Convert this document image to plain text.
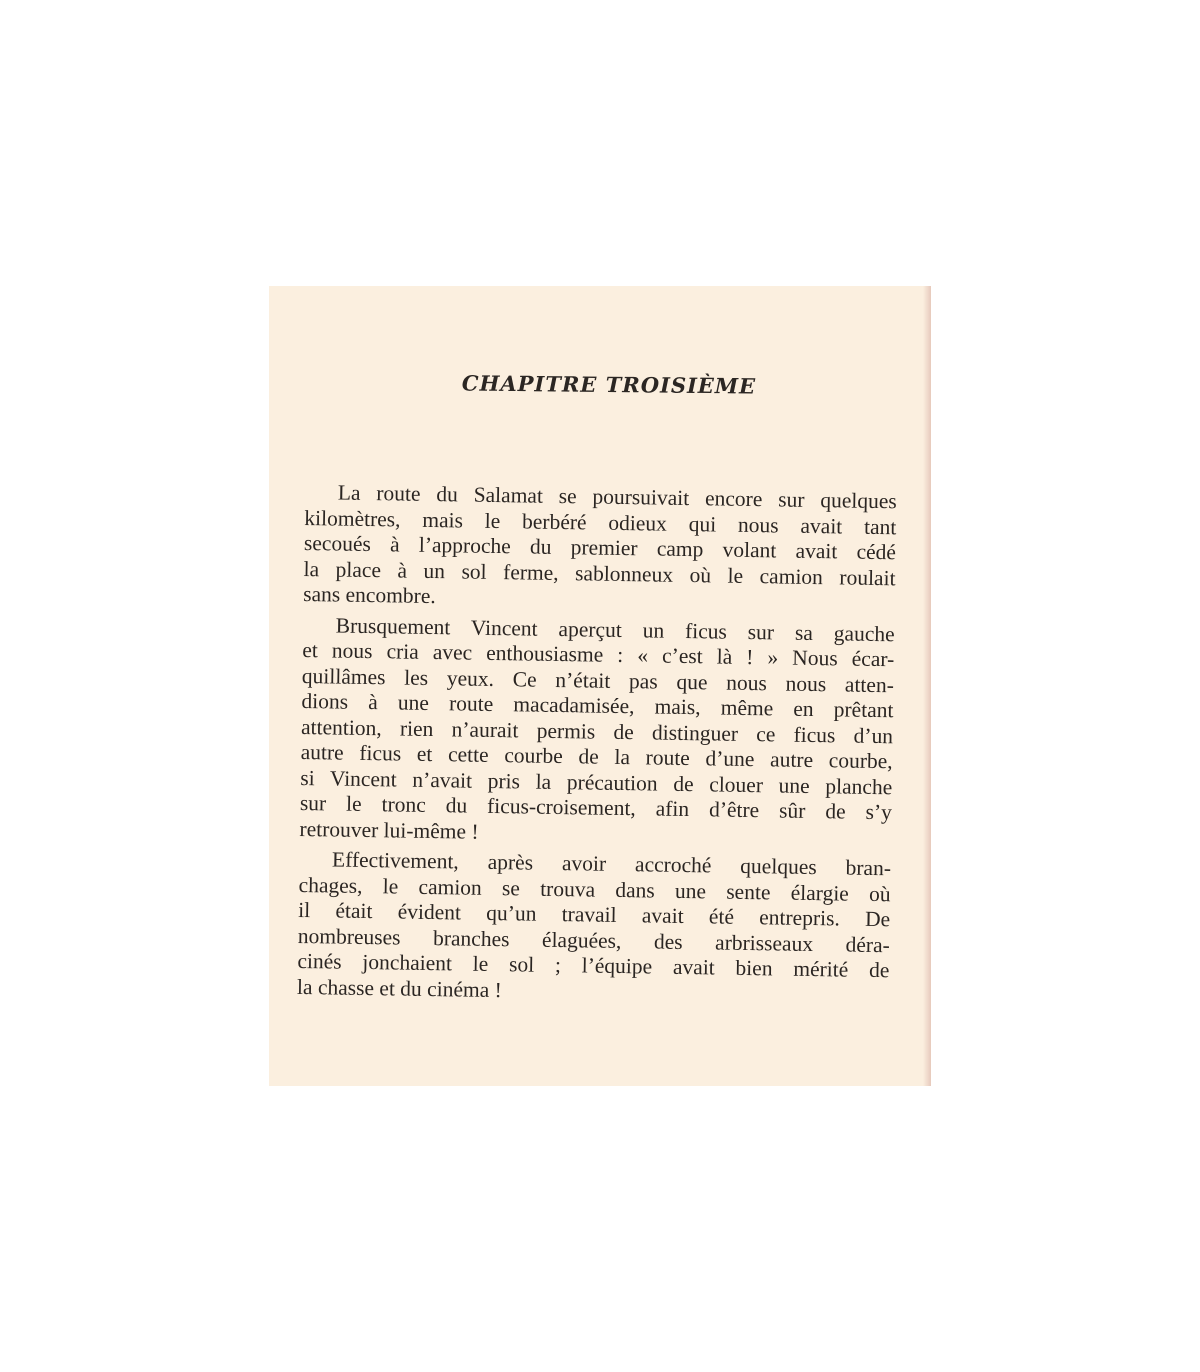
CHAPITRE TROISIÈME

La route du Salamat se poursuivait encore sur quelques
kilomètres, mais le berbéré odieux qui nous avait tant
secoués à l’approche du premier camp volant avait cédé
la place à un sol ferme, sablonneux où le camion roulait
sans encombre.

Brusquement Vincent aperçut un ficus sur sa gauche
et nous cria avec enthousiasme : « c’est là ! » Nous écar-
quillâmes les yeux. Ce n’était pas que nous nous atten-
dions à une route macadamisée, mais, même en prêtant
attention, rien n’aurait permis de distinguer ce ficus d’un
autre ficus et cette courbe de la route d’une autre courbe,
si Vincent n’avait pris la précaution de clouer une planche
sur le tronc du ficus-croisement, afin d’être sûr de s’y
retrouver lui-même !

Effectivement, après avoir accroché quelques bran-
chages, le camion se trouva dans une sente élargie où
il était évident qu’un travail avait été entrepris. De
nombreuses branches élaguées, des arbrisseaux déra-
cinés jonchaient le sol ; l’équipe avait bien mérité de
la chasse et du cinéma !
